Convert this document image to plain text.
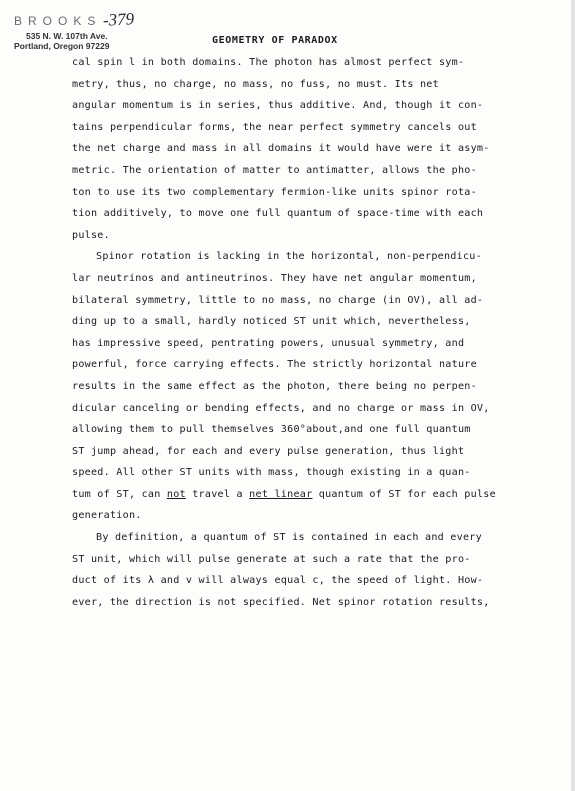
BROOKS-379
535 N. W. 107th Ave.
Portland, Oregon 97229	GEOMETRY OF PARADOX
cal spin l in both domains. The photon has almost perfect sym-
metry, thus, no charge, no mass, no fuss, no must. Its net
angular momentum is in series, thus additive. And, though it con-
tains perpendicular forms, the near perfect symmetry cancels out
the net charge and mass in all domains it would have were it asym-
metric. The orientation of matter to antimatter, allows the pho-
ton to use its two complementary fermion-like units spinor rota-
tion additively, to move one full quantum of space-time with each
pulse.
Spinor rotation is lacking in the horizontal, non-perpendicu-
lar neutrinos and antineutrinos. They have net angular momentum,
bilateral symmetry, little to no mass, no charge (in OV), all ad-
ding up to a small, hardly noticed ST unit which, nevertheless,
has impressive speed, pentrating powers, unusual symmetry, and
powerful, force carrying effects. The strictly horizontal nature
results in the same effect as the photon, there being no perpen-
dicular canceling or bending effects, and no charge or mass in OV,
allowing them to pull themselves 360°about,and one full quantum
ST jump ahead, for each and every pulse generation, thus light
speed. All other ST units with mass, though existing in a quan-
tum of ST, can not travel a net linear quantum of ST for each pulse
generation.
By definition, a quantum of ST is contained in each and every
ST unit, which will pulse generate at such a rate that the pro-
duct of its λ and v will always equal c, the speed of light. How-
ever, the direction is not specified. Net spinor rotation results,
